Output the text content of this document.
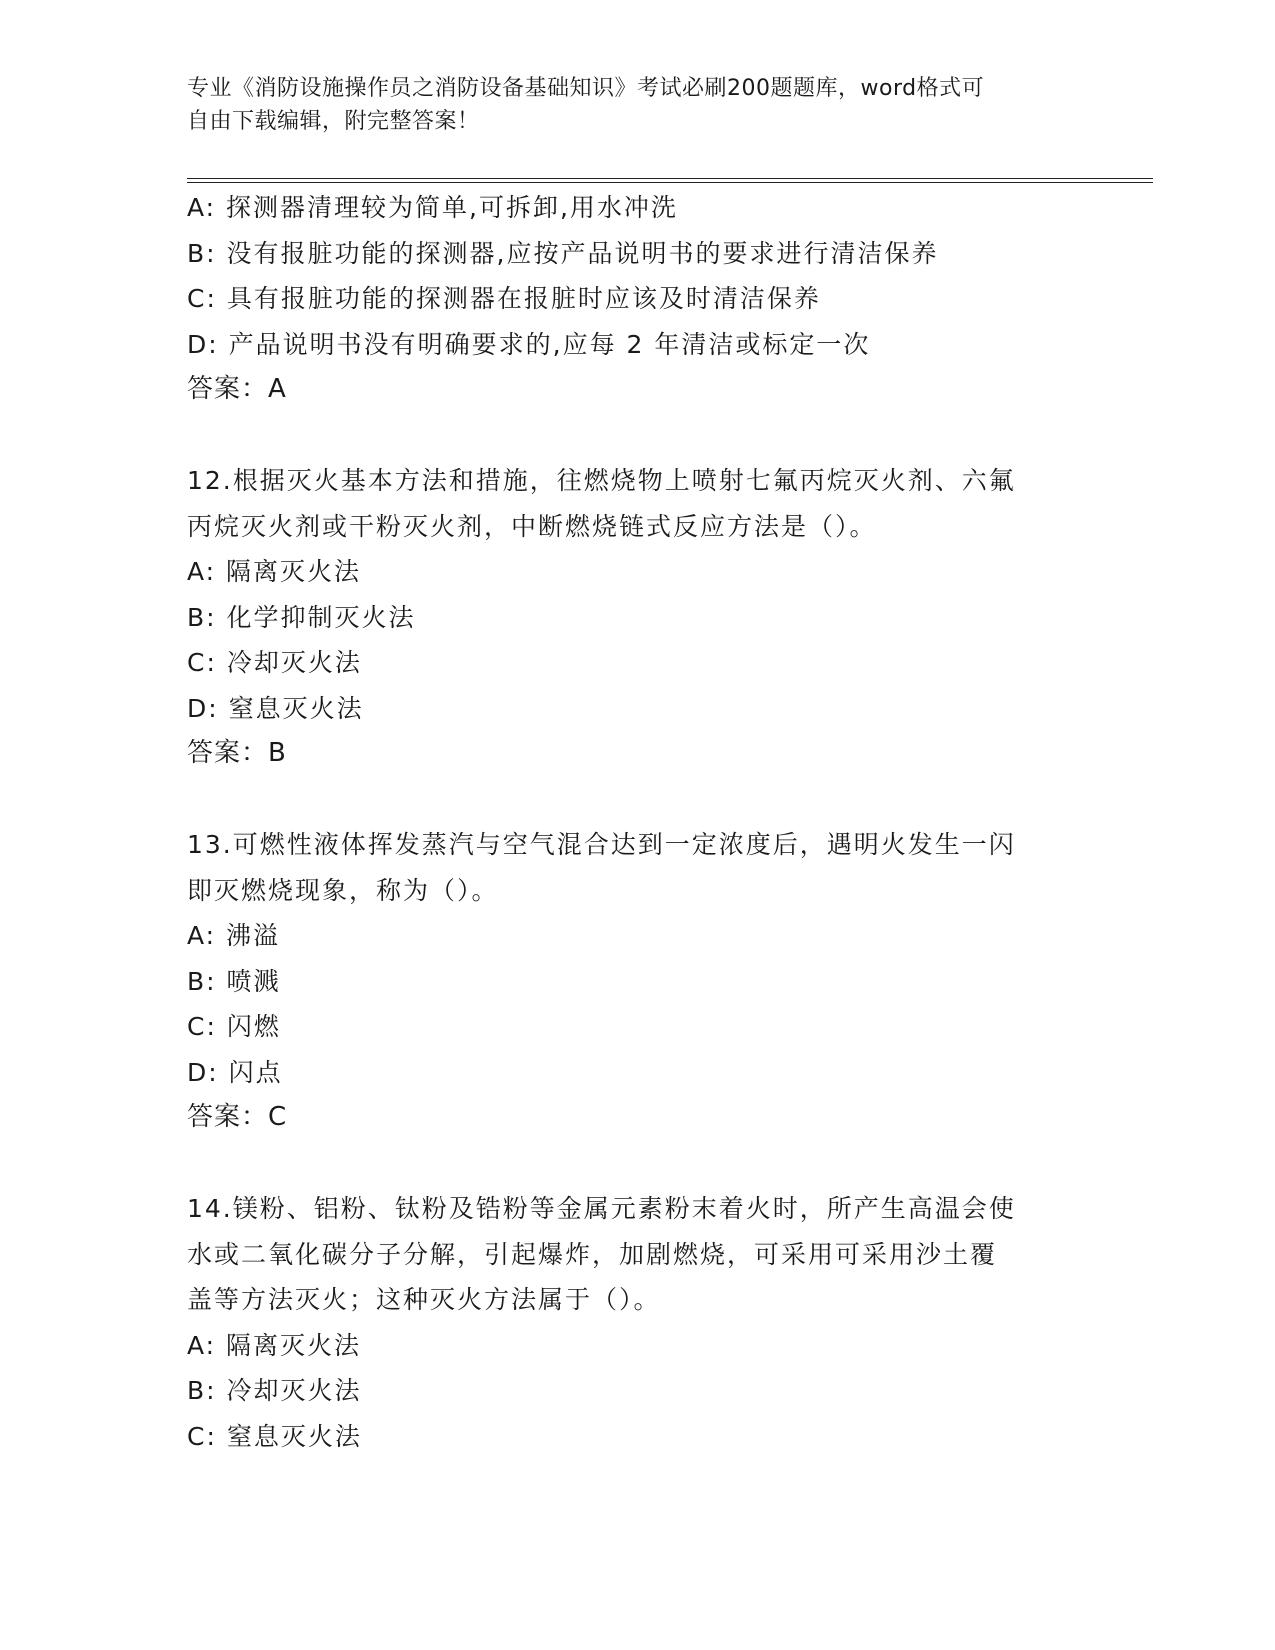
专业《消防设施操作员之消防设备基础知识》考试必刷200题题库，word格式可
自由下载编辑，附完整答案！
A: 探测器清理较为简单,可拆卸,用水冲洗
B: 没有报脏功能的探测器,应按产品说明书的要求进行清洁保养
C: 具有报脏功能的探测器在报脏时应该及时清洁保养
D: 产品说明书没有明确要求的,应每 2 年清洁或标定一次
答案：A
12.根据灭火基本方法和措施，往燃烧物上喷射七氟丙烷灭火剂、六氟
丙烷灭火剂或干粉灭火剂，中断燃烧链式反应方法是（）。
A: 隔离灭火法
B: 化学抑制灭火法
C: 冷却灭火法
D: 窒息灭火法
答案：B
13.可燃性液体挥发蒸汽与空气混合达到一定浓度后，遇明火发生一闪
即灭燃烧现象，称为（）。
A: 沸溢
B: 喷溅
C: 闪燃
D: 闪点
答案：C
14.镁粉、铝粉、钛粉及锆粉等金属元素粉末着火时，所产生高温会使
水或二氧化碳分子分解，引起爆炸，加剧燃烧，可采用可采用沙土覆
盖等方法灭火；这种灭火方法属于（）。
A: 隔离灭火法
B: 冷却灭火法
C: 窒息灭火法
